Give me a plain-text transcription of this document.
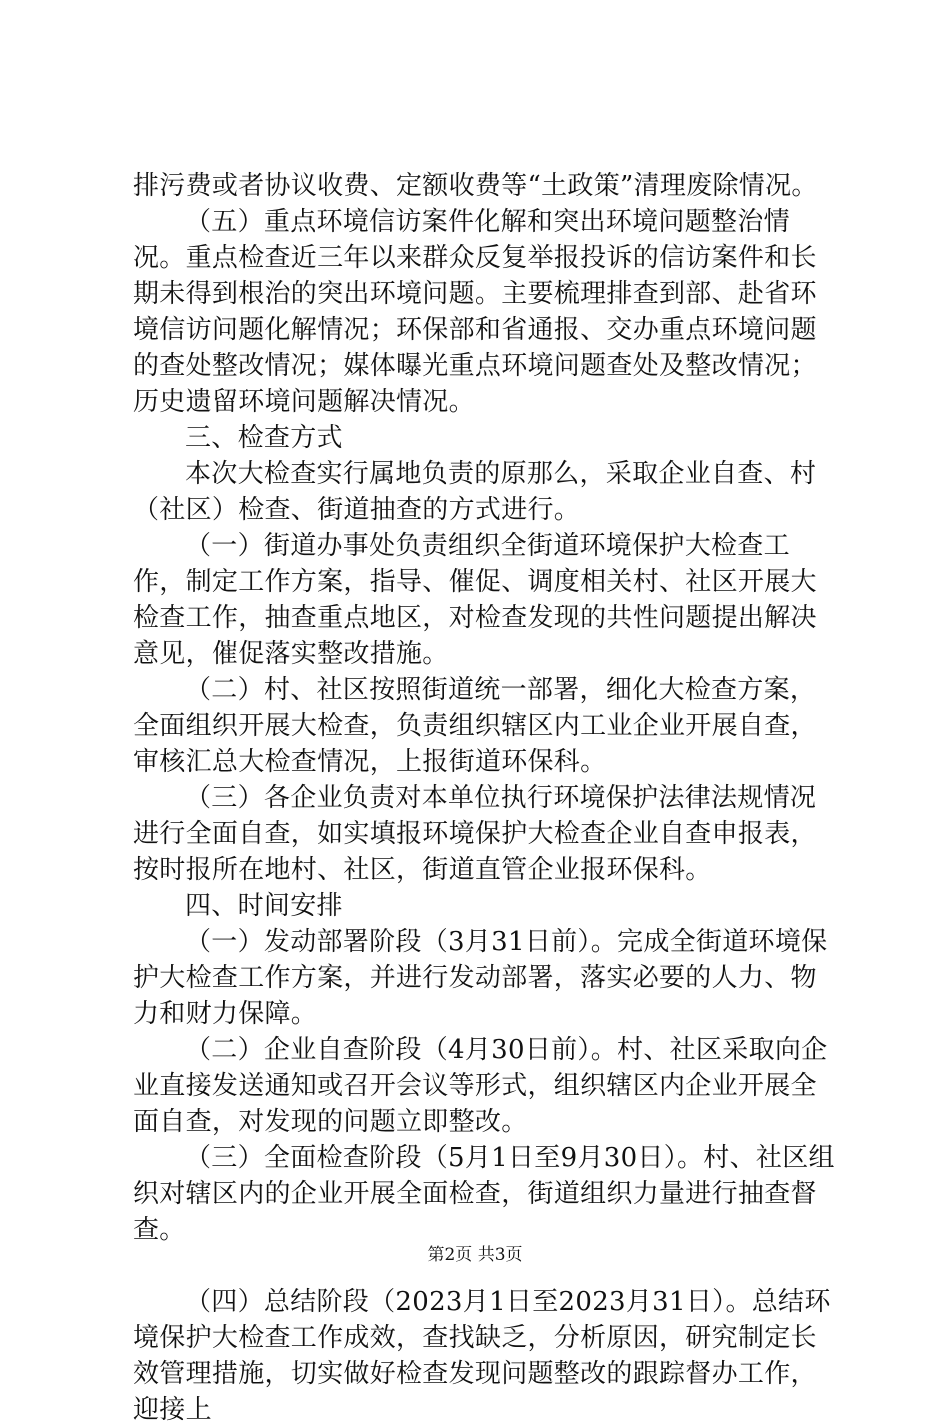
排污费或者协议收费、定额收费等“土政策”清理废除情况。

（五）重点环境信访案件化解和突出环境问题整治情况。重点检查近三年以来群众反复举报投诉的信访案件和长期未得到根治的突出环境问题。主要梳理排查到部、赴省环境信访问题化解情况；环保部和省通报、交办重点环境问题的查处整改情况；媒体曝光重点环境问题查处及整改情况；历史遗留环境问题解决情况。

三、检查方式

本次大检查实行属地负责的原那么，采取企业自查、村（社区）检查、街道抽查的方式进行。

（一）街道办事处负责组织全街道环境保护大检查工作，制定工作方案，指导、催促、调度相关村、社区开展大检查工作，抽查重点地区，对检查发现的共性问题提出解决意见，催促落实整改措施。

（二）村、社区按照街道统一部署，细化大检查方案，全面组织开展大检查，负责组织辖区内工业企业开展自查，审核汇总大检查情况，上报街道环保科。

（三）各企业负责对本单位执行环境保护法律法规情况进行全面自查，如实填报环境保护大检查企业自查申报表，按时报所在地村、社区，街道直管企业报环保科。

四、时间安排

（一）发动部署阶段（3月31日前）。完成全街道环境保护大检查工作方案，并进行发动部署，落实必要的人力、物力和财力保障。

（二）企业自查阶段（4月30日前）。村、社区采取向企业直接发送通知或召开会议等形式，组织辖区内企业开展全面自查，对发现的问题立即整改。

（三）全面检查阶段（5月1日至9月30日）。村、社区组织对辖区内的企业开展全面检查，街道组织力量进行抽查督查。

（四）总结阶段（2023月1日至2023月31日）。总结环境保护大检查工作成效，查找缺乏，分析原因，研究制定长效管理措施，切实做好检查发现问题整改的跟踪督办工作，迎接上

第2页 共3页
